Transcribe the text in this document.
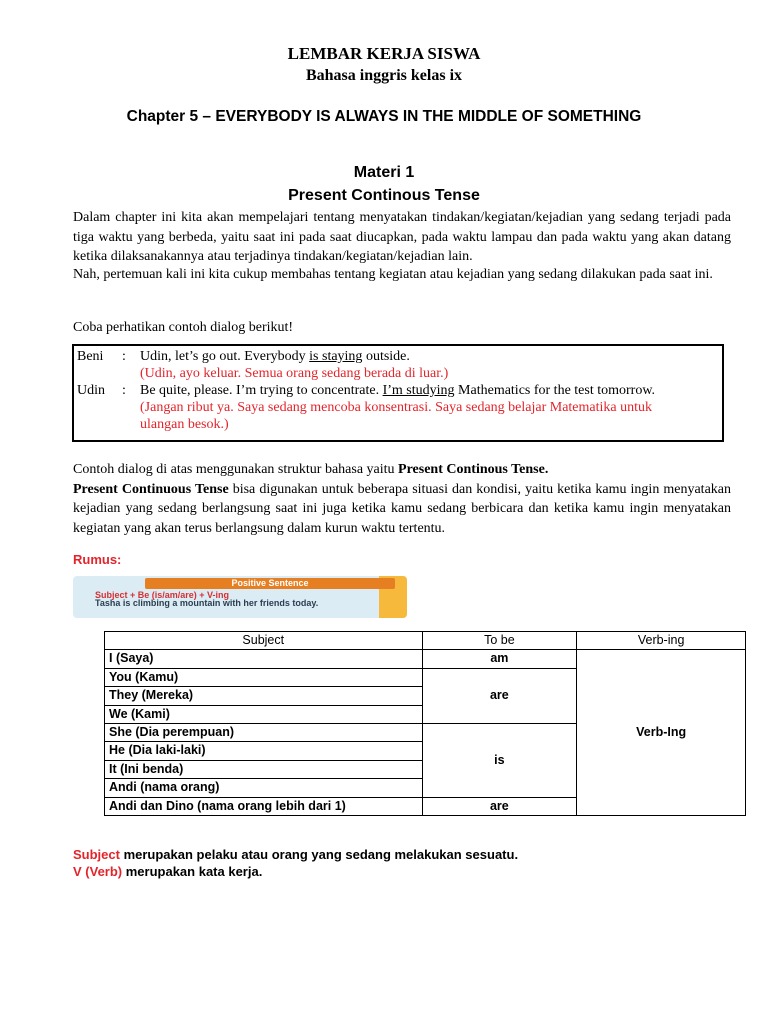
LEMBAR KERJA SISWA
Bahasa inggris kelas ix
Chapter 5 – EVERYBODY IS ALWAYS IN THE MIDDLE OF SOMETHING
Materi 1
Present Continous Tense

Dalam chapter ini kita akan mempelajari tentang menyatakan tindakan/kegiatan/kejadian yang sedang terjadi pada tiga waktu yang berbeda, yaitu saat ini pada saat diucapkan, pada waktu lampau dan pada waktu yang akan datang ketika dilaksanakannya atau terjadinya tindakan/kegiatan/kejadian lain.

Nah, pertemuan kali ini kita cukup membahas tentang kegiatan atau kejadian yang sedang dilakukan pada saat ini.

Coba perhatikan contoh dialog berikut!

Beni : Udin, let’s go out. Everybody is staying outside.
(Udin, ayo keluar. Semua orang sedang berada di luar.)
Udin : Be quite, please. I’m trying to concentrate. I’m studying Mathematics for the test tomorrow.
(Jangan ribut ya. Saya sedang mencoba konsentrasi. Saya sedang belajar Matematika untuk
ulangan besok.)
Contoh dialog di atas menggunakan struktur bahasa yaitu Present Continous Tense.
Present Continuous Tense bisa digunakan untuk beberapa situasi dan kondisi, yaitu ketika kamu ingin menyatakan kejadian yang sedang berlangsung saat ini juga ketika kamu sedang berbicara dan ketika kamu ingin menyatakan kegiatan yang akan terus berlangsung dalam kurun waktu tertentu.
Rumus:
Positive Sentence
Subject + Be (is/am/are) + V-ing
Tasha is climbing a mountain with her friends today.
Subject	To be	Verb-ing
I (Saya)	am	Verb-Ing
You (Kamu)	are	
They (Mereka)		
We (Kami)		
She (Dia perempuan)	is	
He (Dia laki-laki)		
It (Ini benda)		
Andi (nama orang)		
Andi dan Dino (nama orang lebih dari 1)	are	
Subject merupakan pelaku atau orang yang sedang melakukan sesuatu.
V (Verb) merupakan kata kerja.
